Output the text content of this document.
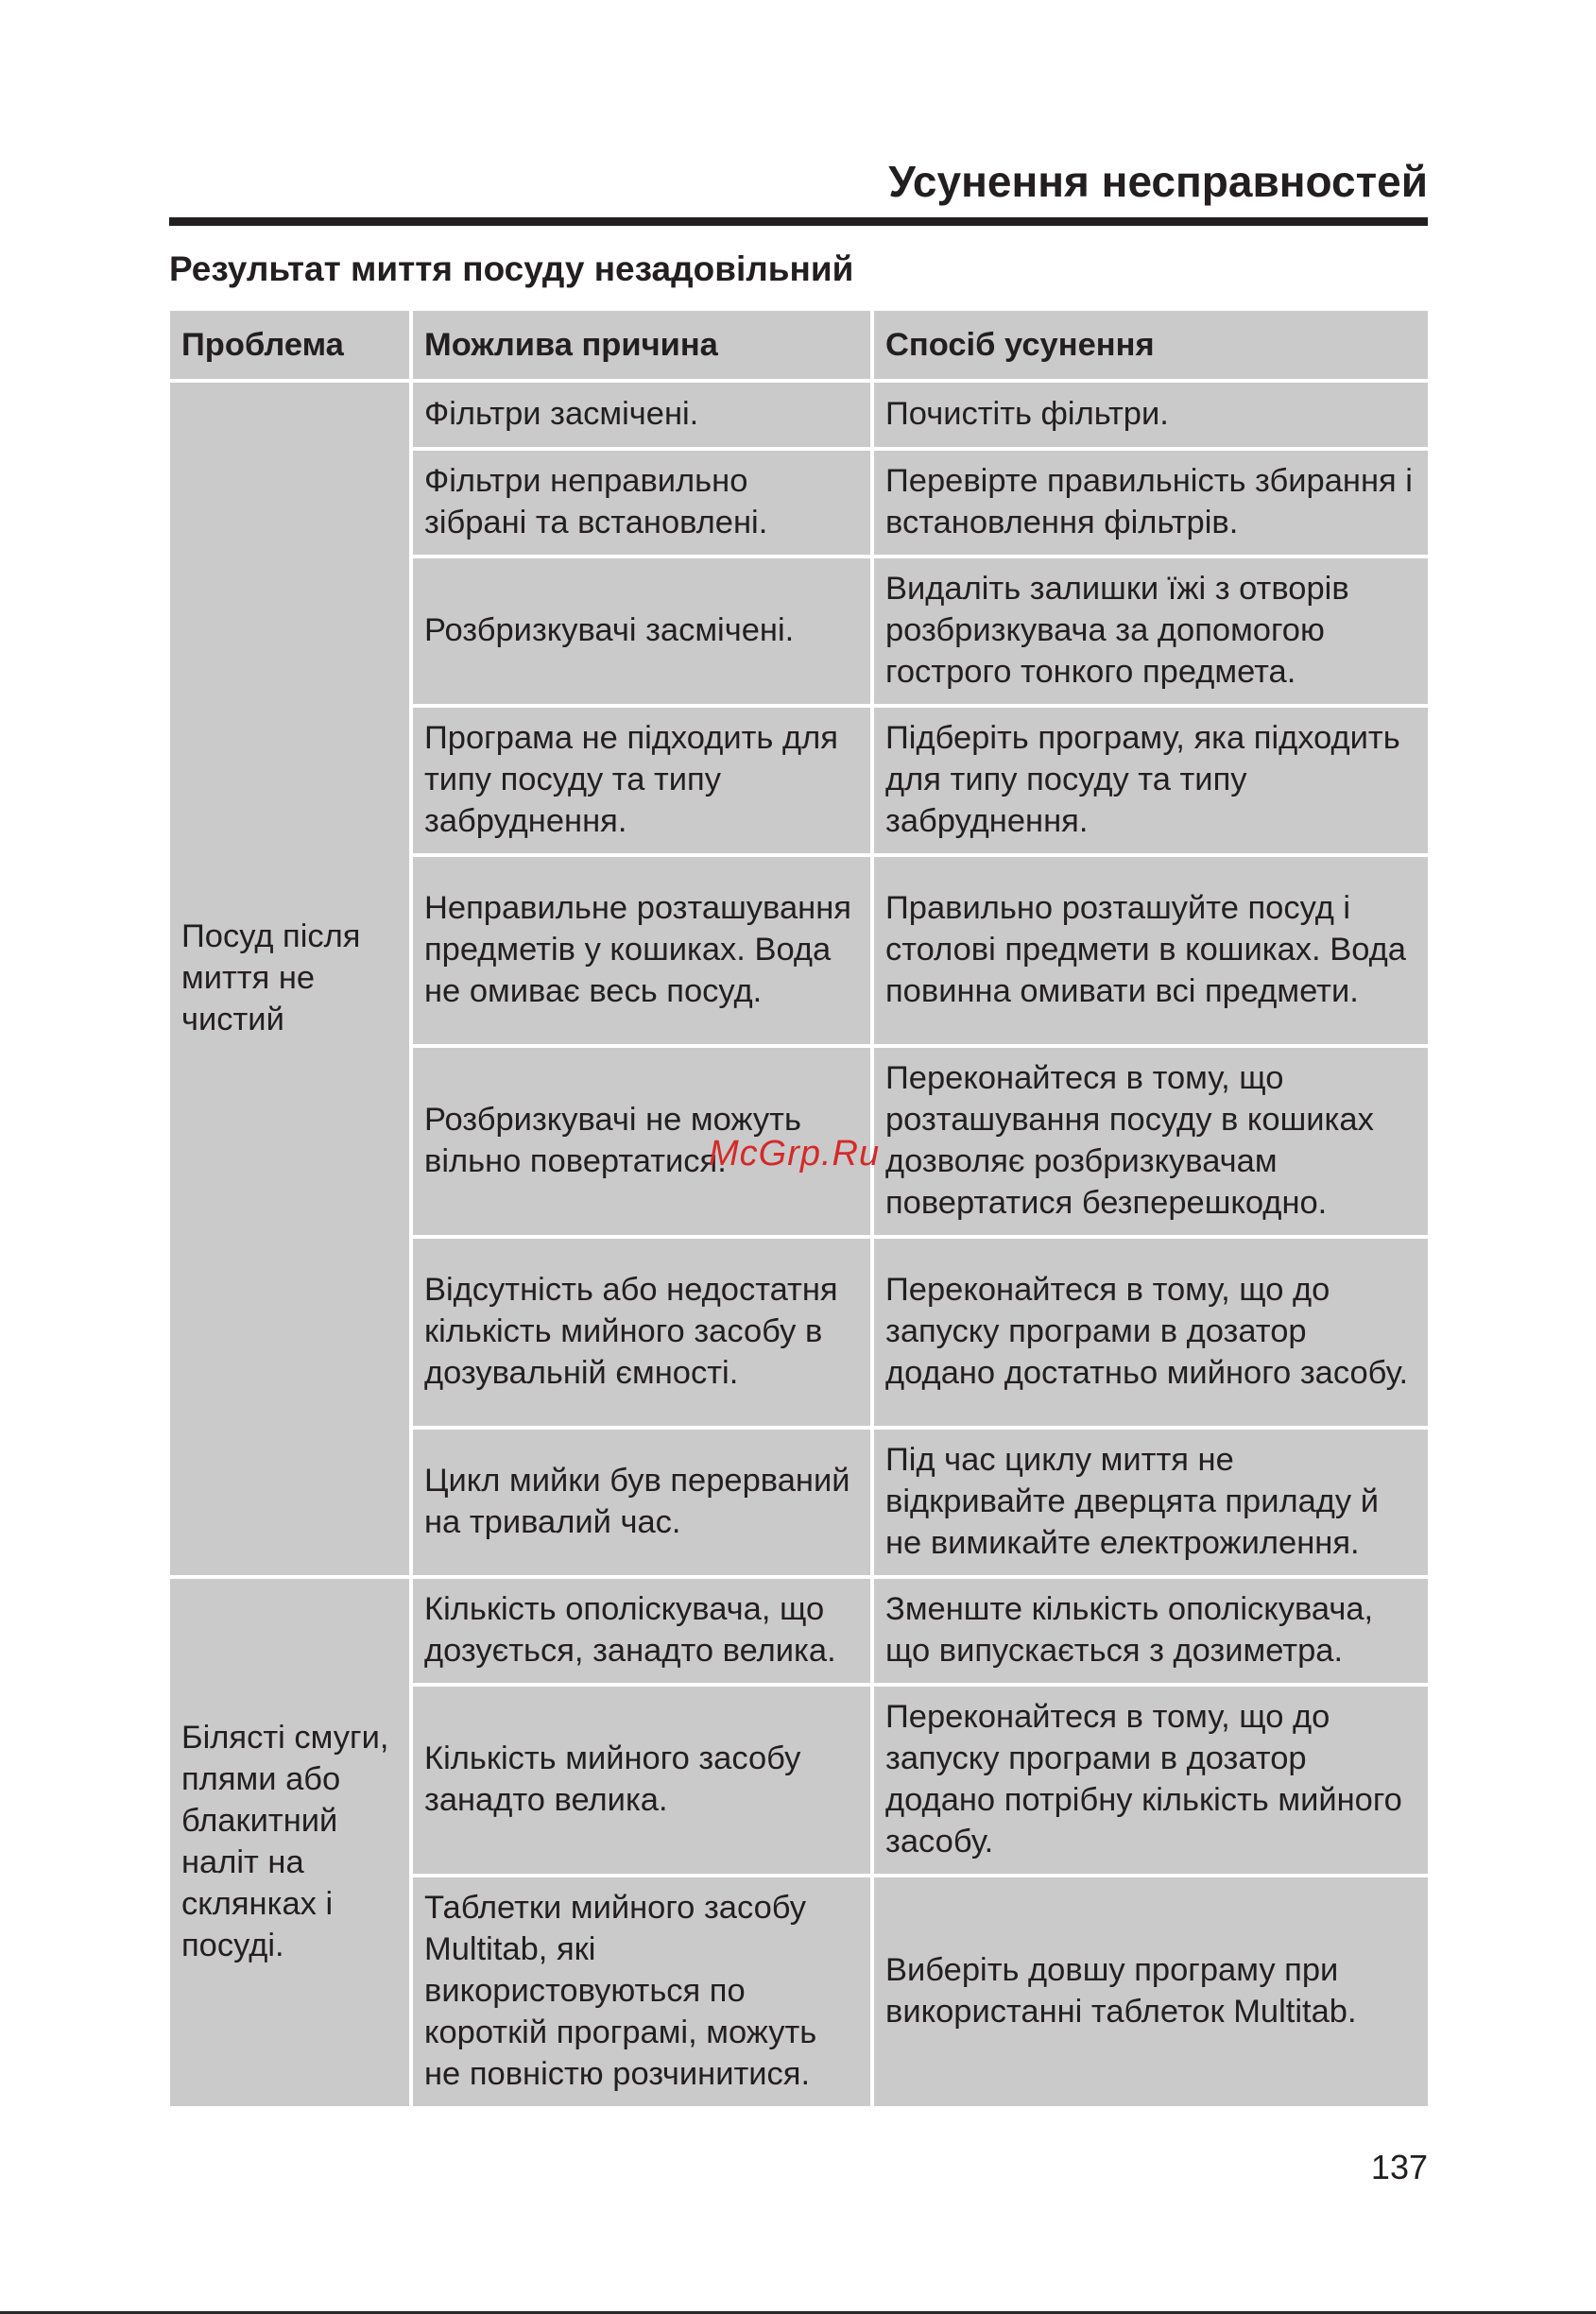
Усунення несправностей
Результат миття посуду незадовільний
Проблема	Можлива причина	Спосіб усунення
Посуд після миття не чистий	Фільтри засмічені.	Почистіть фільтри.
	Фільтри неправильно зібрані та встановлені.	Перевірте правильність збирання і встановлення фільтрів.
	Розбризкувачі засмічені.	Видаліть залишки їжі з отворів розбризкувача за допомогою гострого тонкого предмета.
	Програма не підходить для типу посуду та типу забруднення.	Підберіть програму, яка підходить для типу посуду та типу забруднення.
	Неправильне розташування предметів у кошиках. Вода не омиває весь посуд.	Правильно розташуйте посуд і столові предмети в кошиках. Вода повинна омивати всі предмети.
	Розбризкувачі не можуть вільно повертатися.	Переконайтеся в тому, що розташування посуду в кошиках дозволяє розбризкувачам повертатися безперешкодно.
	Відсутність або недостатня кількість мийного засобу в дозувальній ємності.	Переконайтеся в тому, що до запуску програми в дозатор додано достатньо мийного засобу.
	Цикл мийки був перерваний на тривалий час.	Під час циклу миття не відкривайте дверцята приладу й не вимикайте електрожилення.
Білясті смуги, плями або блакитний наліт на склянках і посуді.	Кількість ополіскувача, що дозується, занадто велика.	Зменште кількість ополіскувача, що випускається з дозиметра.
	Кількість мийного засобу занадто велика.	Переконайтеся в тому, що до запуску програми в дозатор додано потрібну кількість мийного засобу.
	Таблетки мийного засобу Multitab, які використовуються по короткій програмі, можуть не повністю розчинитися.	Виберіть довшу програму при використанні таблеток Multitab.
McGrp.Ru
137
